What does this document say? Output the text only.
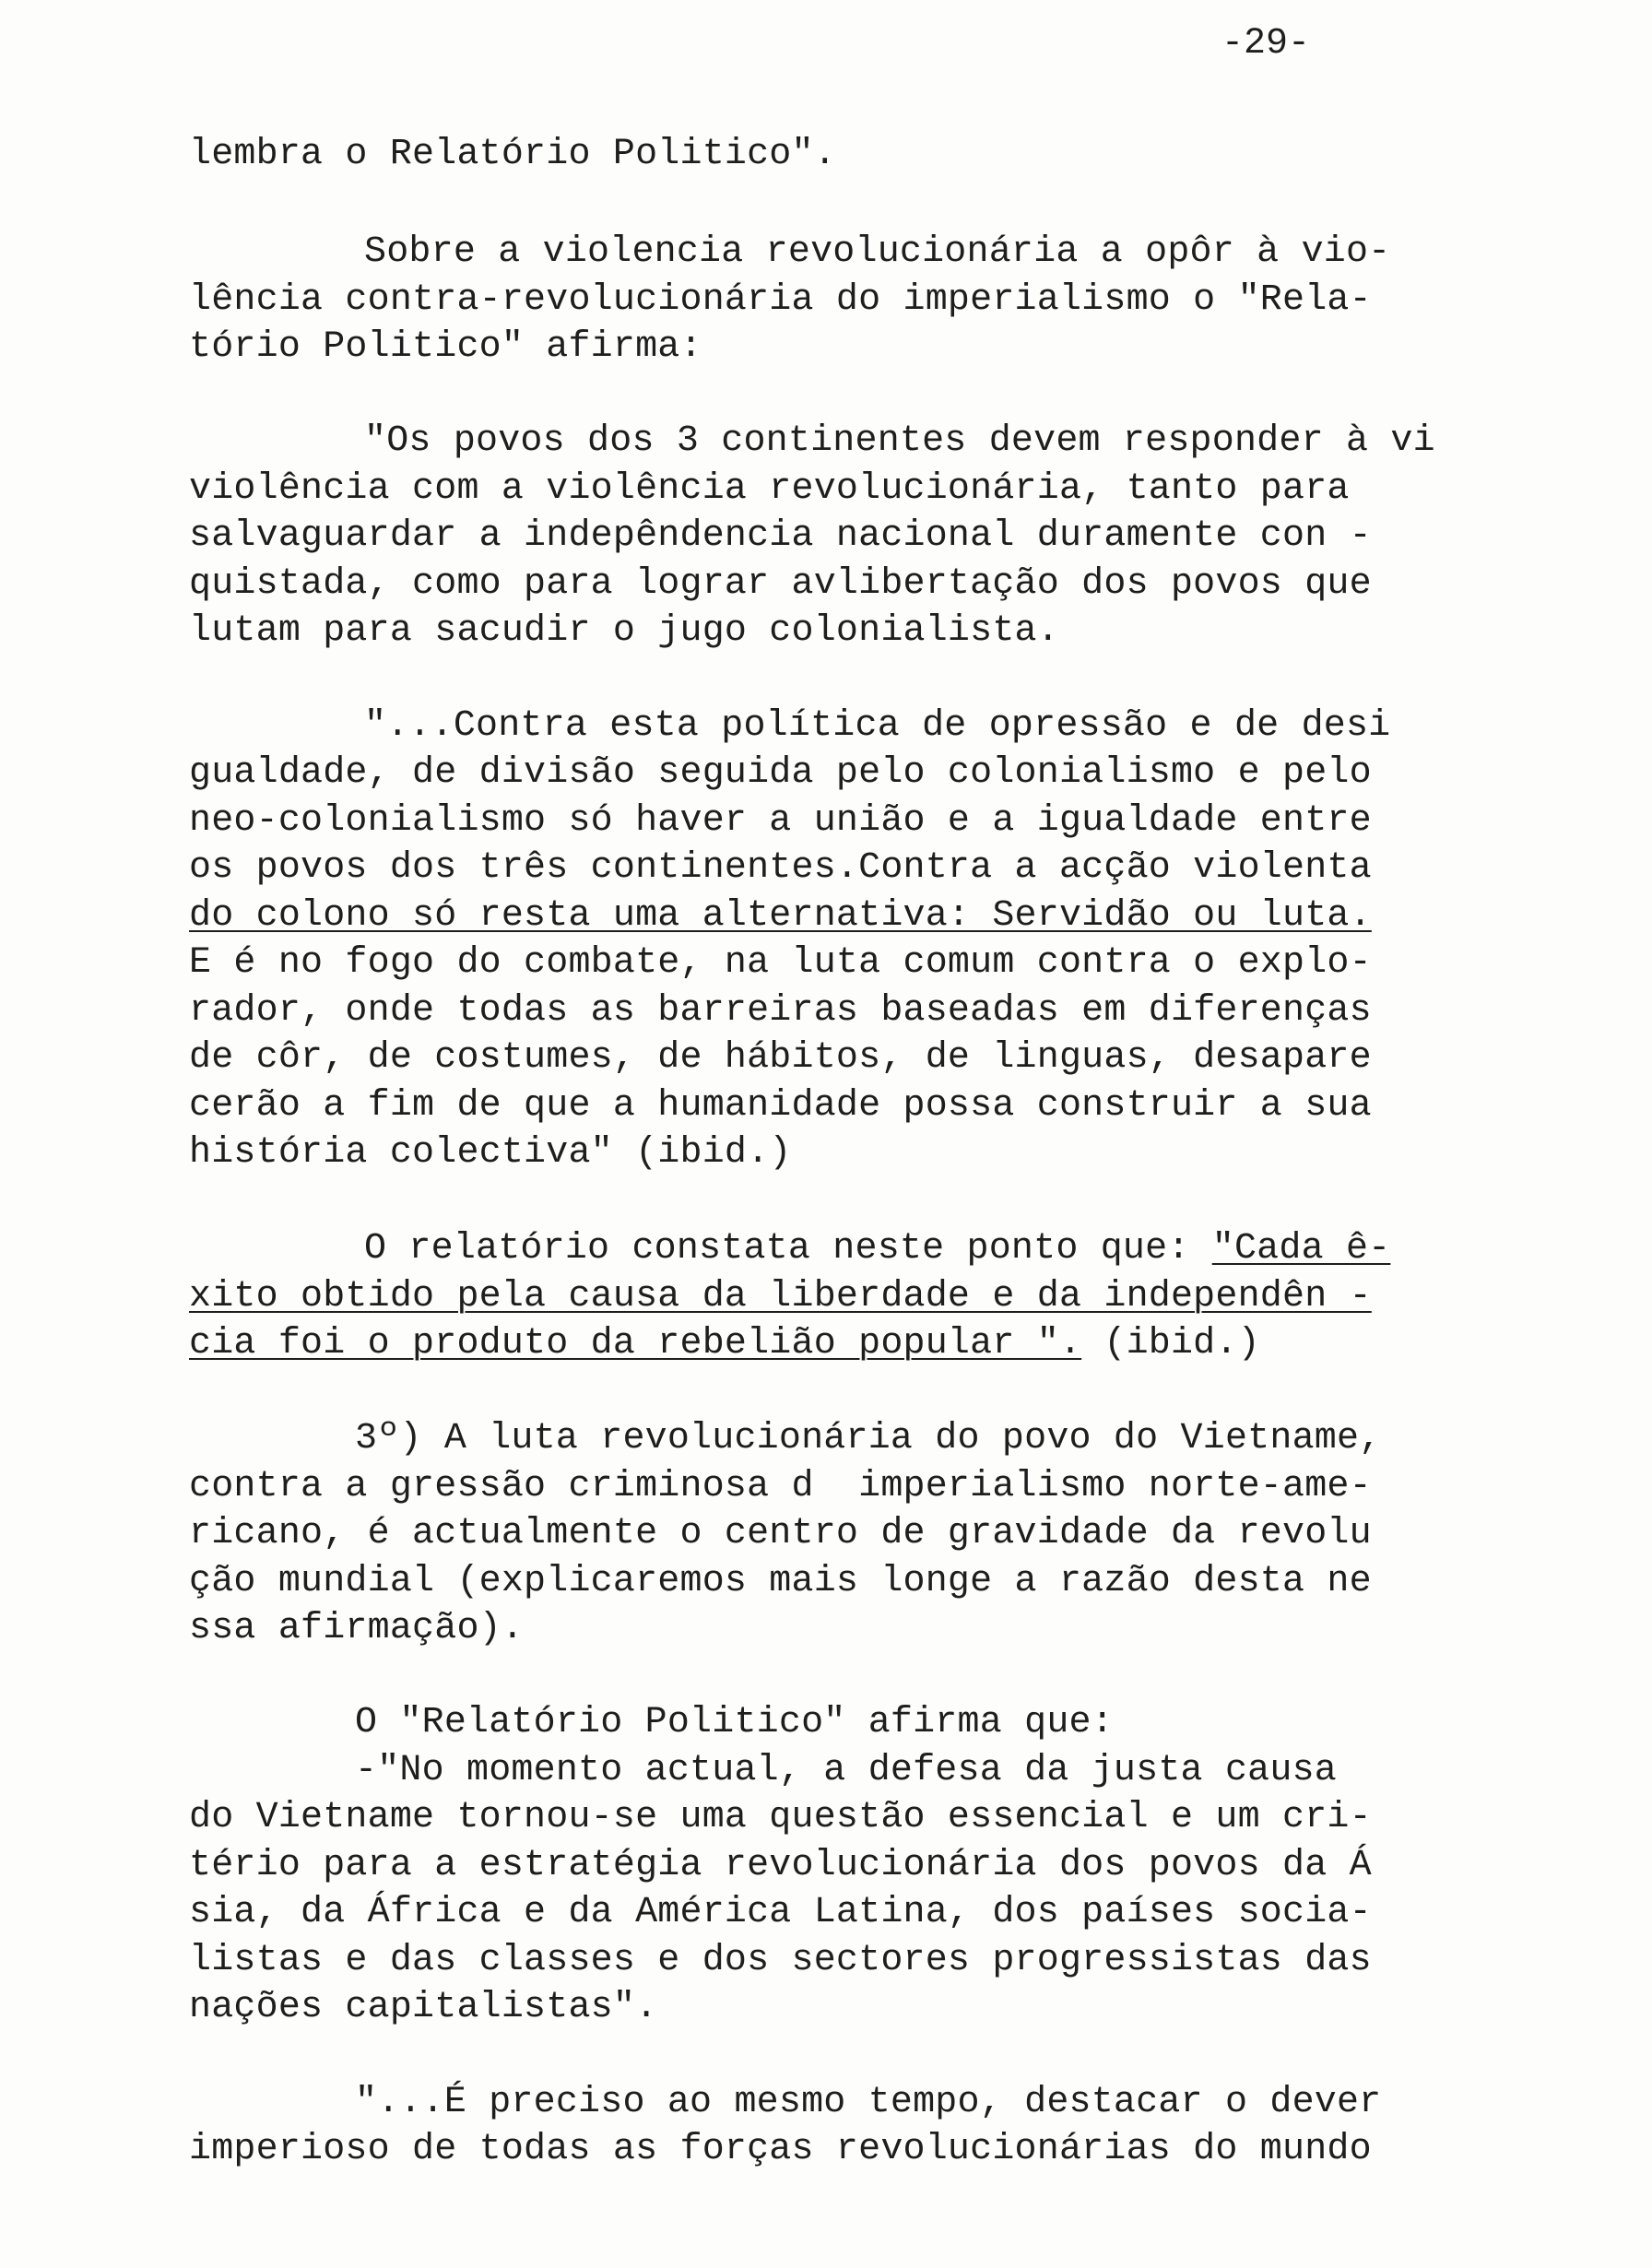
-29-

lembra o Relatório Politico".

Sobre a violencia revolucionária a opôr à vio-

lência contra-revolucionária do imperialismo o "Rela-

tório Politico" afirma:

"Os povos dos 3 continentes devem responder à vi

violência com a violência revolucionária, tanto para

salvaguardar a indepêndencia nacional duramente con -

quistada, como para lograr avlibertação dos povos que

lutam para sacudir o jugo colonialista.

"...Contra esta política de opressão e de desi

gualdade, de divisão seguida pelo colonialismo e pelo

neo-colonialismo só haver a união e a igualdade entre

os povos dos três continentes.Contra a acção violenta

do colono só resta uma alternativa: Servidão ou luta.

E é no fogo do combate, na luta comum contra o explo-

rador, onde todas as barreiras baseadas em diferenças

de côr, de costumes, de hábitos, de linguas, desapare

cerão a fim de que a humanidade possa construir a sua

história colectiva" (ibid.)

O relatório constata neste ponto que: "Cada ê-

xito obtido pela causa da liberdade e da independên -

cia foi o produto da rebelião popular ". (ibid.)

3º) A luta revolucionária do povo do Vietname,

contra a gressão criminosa d  imperialismo norte-ame-

ricano, é actualmente o centro de gravidade da revolu

ção mundial (explicaremos mais longe a razão desta ne

ssa afirmação).

O "Relatório Politico" afirma que:

-"No momento actual, a defesa da justa causa

do Vietname tornou-se uma questão essencial e um cri-

tério para a estratégia revolucionária dos povos da Á

sia, da África e da América Latina, dos países socia-

listas e das classes e dos sectores progressistas das

nações capitalistas".

"...É preciso ao mesmo tempo, destacar o dever

imperioso de todas as forças revolucionárias do mundo
